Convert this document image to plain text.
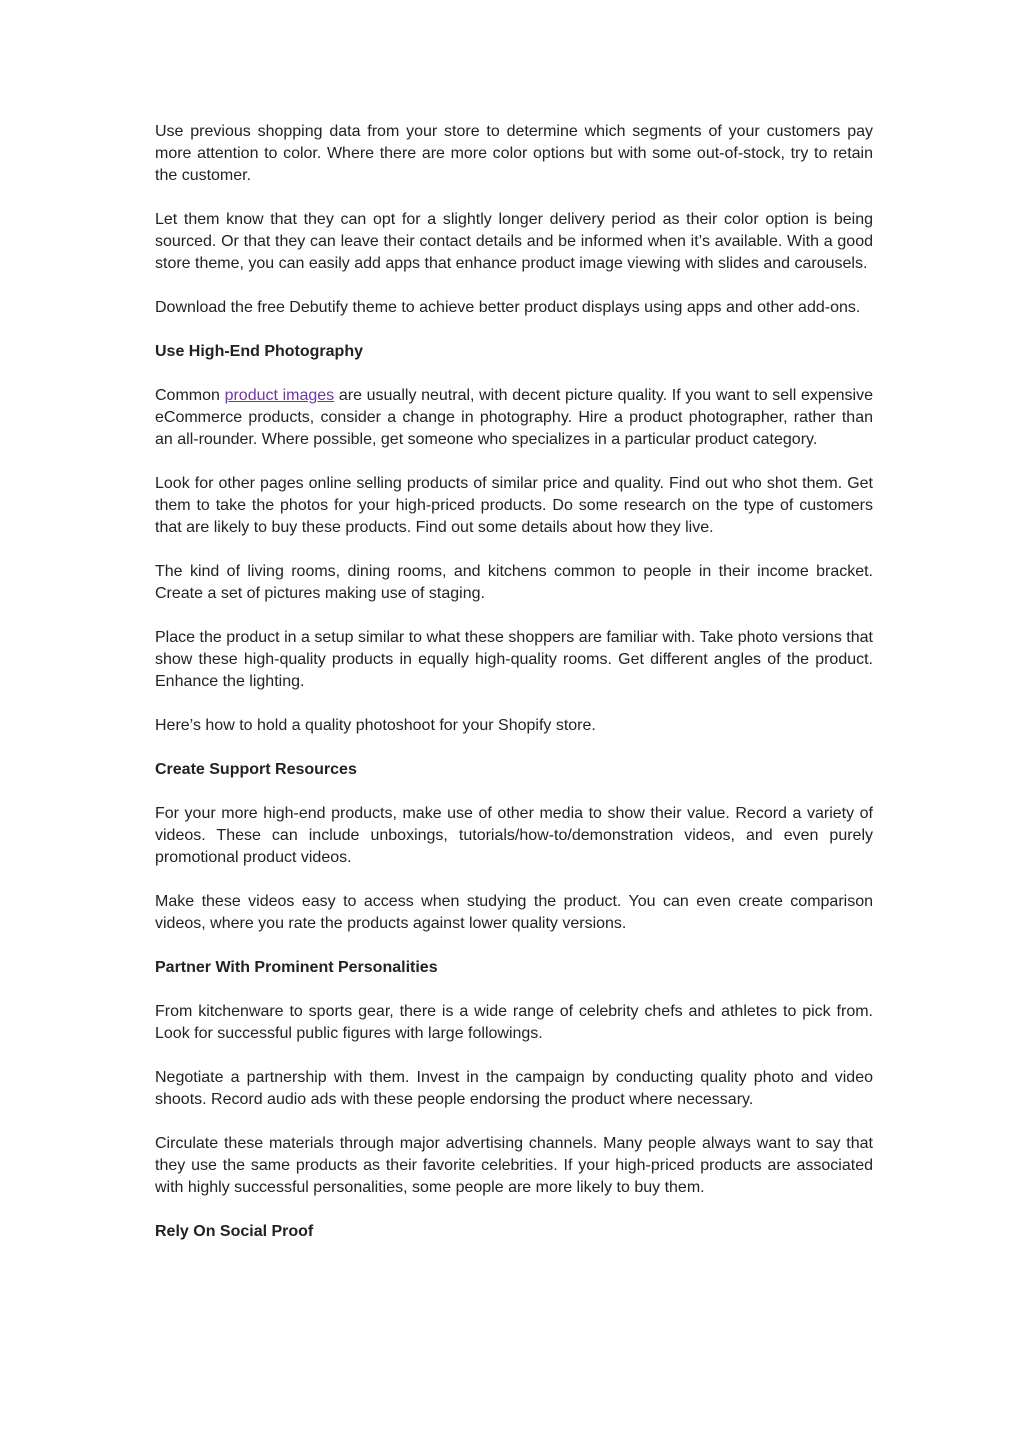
Use previous shopping data from your store to determine which segments of your customers pay more attention to color. Where there are more color options but with some out-of-stock, try to retain the customer.

Let them know that they can opt for a slightly longer delivery period as their color option is being sourced. Or that they can leave their contact details and be informed when it’s available. With a good store theme, you can easily add apps that enhance product image viewing with slides and carousels.

Download the free Debutify theme to achieve better product displays using apps and other add-ons.

Use High-End Photography

Common product images are usually neutral, with decent picture quality. If you want to sell expensive eCommerce products, consider a change in photography. Hire a product photographer, rather than an all-rounder. Where possible, get someone who specializes in a particular product category.

Look for other pages online selling products of similar price and quality. Find out who shot them. Get them to take the photos for your high-priced products. Do some research on the type of customers that are likely to buy these products. Find out some details about how they live.

The kind of living rooms, dining rooms, and kitchens common to people in their income bracket. Create a set of pictures making use of staging.

Place the product in a setup similar to what these shoppers are familiar with. Take photo versions that show these high-quality products in equally high-quality rooms. Get different angles of the product. Enhance the lighting.

Here’s how to hold a quality photoshoot for your Shopify store.

Create Support Resources

For your more high-end products, make use of other media to show their value. Record a variety of videos. These can include unboxings, tutorials/how-to/demonstration videos, and even purely promotional product videos.

Make these videos easy to access when studying the product. You can even create comparison videos, where you rate the products against lower quality versions.

Partner With Prominent Personalities

From kitchenware to sports gear, there is a wide range of celebrity chefs and athletes to pick from. Look for successful public figures with large followings.

Negotiate a partnership with them. Invest in the campaign by conducting quality photo and video shoots. Record audio ads with these people endorsing the product where necessary.

Circulate these materials through major advertising channels. Many people always want to say that they use the same products as their favorite celebrities. If your high-priced products are associated with highly successful personalities, some people are more likely to buy them.

Rely On Social Proof
